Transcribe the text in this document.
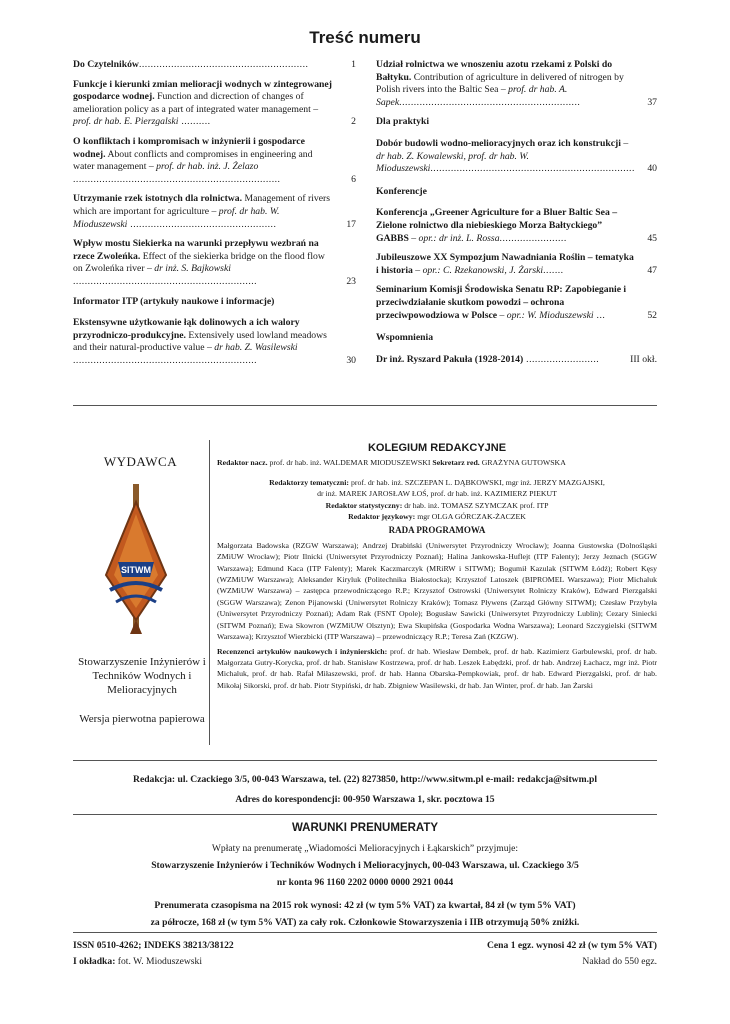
Treść numeru
Do Czytelników..........................................................	1
Funkcje i kierunki zmian melioracji wodnych w zintegrowanej gospodarce wodnej. Function and dicrection of changes of amelioration policy as a part of integrated water management – prof. dr hab. E. Pierzgalski ..........	2
O konfliktach i kompromisach w inżynierii i gospodarce wodnej. About conflicts and compromises in engineering and water management – prof. dr hab. inż. J. Żelazo .......................................................................	6
Utrzymanie rzek istotnych dla rolnictwa. Management of rivers which are important for agriculture – prof. dr hab. W. Mioduszewski ..................................................	17
Wpływ mostu Siekierka na warunki przepływu wezbrań na rzece Zwoleńka. Effect of the siekierka bridge on the flood flow on Zwoleńka river – dr inż. S. Bajkowski ...............................................................	23
Informator ITP (artykuły naukowe i informacje)
Ekstensywne użytkowanie łąk dolinowych a ich walory przyrodniczo-produkcyjne. Extensively used lowland meadows and their natural-productive value – dr hab. Z. Wasilewski ...............................................................	30
Udział rolnictwa we wnoszeniu azotu rzekami z Polski do Bałtyku. Contribution of agriculture in delivered of nitrogen by Polish rivers into the Baltic Sea – prof. dr hab. A. Sapek..............................................................	37
Dla praktyki
Dobór budowli wodno-melioracyjnych oraz ich konstrukcji – dr hab. Z. Kowalewski, prof. dr hab. W. Mioduszewski...................................................................... 40
Konferencje
Konferencja „Greener Agriculture for a Bluer Baltic Sea – Zielone rolnictwo dla niebieskiego Morza Bałtyckiego” GABBS – opr.: dr inż. L. Rossa.......................	45
Jubileuszowe XX Sympozjum Nawadniania Roślin – tematyka i historia – opr.: C. Rzekanowski, J. Żarski.......	47
Seminarium Komisji Środowiska Senatu RP: Zapobieganie i przeciwdziałanie skutkom powodzi – ochrona przeciwpowodziowa w Polsce – opr.: W. Mioduszewski ...	52
Wspomnienia
Dr inż. Ryszard Pakuła (1928-2014) .........................	III okł.
WYDAWCA
SITWM
Stowarzyszenie Inżynierów i Techników Wodnych i Melioracyjnych
Wersja pierwotna papierowa
KOLEGIUM REDAKCYJNE
Redaktor nacz. prof. dr hab. inż. WALDEMAR MIODUSZEWSKI Sekretarz red. GRAŻYNA GUTOWSKA
Redaktorzy tematyczni: prof. dr hab. inż. SZCZEPAN L. DĄBKOWSKI, mgr inż. JERZY MAZGAJSKI,
dr inż. MAREK JAROSŁAW ŁOŚ, prof. dr hab. inż. KAZIMIERZ PIEKUT
Redaktor statystyczny: dr hab. inż. TOMASZ SZYMCZAK prof. ITP
Redaktor językowy: mgr OLGA GÓRCZAK-ŻACZEK
RADA PROGRAMOWA
Małgorzata Badowska (RZGW Warszawa); Andrzej Drabiński (Uniwersytet Przyrodniczy Wrocław); Joanna Gustowska (Dolnośląski ZMiUW Wrocław); Piotr Ilnicki (Uniwersytet Przyrodniczy Poznań); Halina Jankowska-Huflejt (ITP Falenty); Jerzy Jeznach (SGGW Warszawa); Edmund Kaca (ITP Falenty); Marek Kaczmarczyk (MRiRW i SITWM); Bogumił Kazulak (SITWM Łódź); Robert Kęsy (WZMiUW Warszawa); Aleksander Kiryluk (Politechnika Białostocka); Krzysztof Latoszek (BIPROMEL Warszawa); Piotr Michaluk (WZMiUW Warszawa) – zastępca przewodniczącego R.P.; Krzysztof Ostrowski (Uniwersytet Rolniczy Kraków), Edward Pierzgalski (SGGW Warszawa); Zenon Pijanowski (Uniwersytet Rolniczy Kraków); Tomasz Pływens (Zarząd Główny SITWM); Czesław Przybyła (Uniwersytet Przyrodniczy Poznań); Adam Rak (FSNT Opole); Bogusław Sawicki (Uniwersytet Przyrodniczy Lublin); Cezary Siniecki (SITWM Poznań); Ewa Skowron (WZMiUW Olsztyn); Ewa Skupińska (Gospodarka Wodna Warszawa); Leonard Szczygielski (SITWM Warszawa); Krzysztof Wierzbicki (ITP Warszawa) – przewodniczący R.P.; Teresa Zań (KZGW).
Recenzenci artykułów naukowych i inżynierskich: prof. dr hab. Wiesław Dembek, prof. dr hab. Kazimierz Garbulewski, prof. dr hab. Małgorzata Gutry-Korycka, prof. dr hab. Stanisław Kostrzewa, prof. dr hab. Leszek Łabędzki, prof. dr hab. Andrzej Łachacz, mgr inż. Piotr Michaluk, prof. dr hab. Rafał Miłaszewski, prof. dr hab. Hanna Obarska-Pempkowiak, prof. dr hab. Edward Pierzgalski, prof. dr hab. Mikołaj Sikorski, prof. dr hab. Piotr Stypiński, dr hab. Zbigniew Wasilewski, dr hab. Jan Winter, prof. dr hab. Jan Żarski
Redakcja: ul. Czackiego 3/5, 00-043 Warszawa, tel. (22) 8273850, http://www.sitwm.pl e-mail: redakcja@sitwm.pl
Adres do korespondencji: 00-950 Warszawa 1, skr. pocztowa 15
WARUNKI PRENUMERATY
Wpłaty na prenumeratę „Wiadomości Melioracyjnych i Łąkarskich” przyjmuje:
Stowarzyszenie Inżynierów i Techników Wodnych i Melioracyjnych, 00-043 Warszawa, ul. Czackiego 3/5
nr konta 96 1160 2202 0000 0000 2921 0044
Prenumerata czasopisma na 2015 rok wynosi: 42 zł (w tym 5% VAT) za kwartał, 84 zł (w tym 5% VAT)
za półrocze, 168 zł (w tym 5% VAT) za cały rok. Członkowie Stowarzyszenia i IIB otrzymują 50% zniżki.
ISSN 0510-4262; INDEKS 38213/38122
I okładka: fot. W. Mioduszewski
Cena 1 egz. wynosi 42 zł (w tym 5% VAT)
Nakład do 550 egz.
